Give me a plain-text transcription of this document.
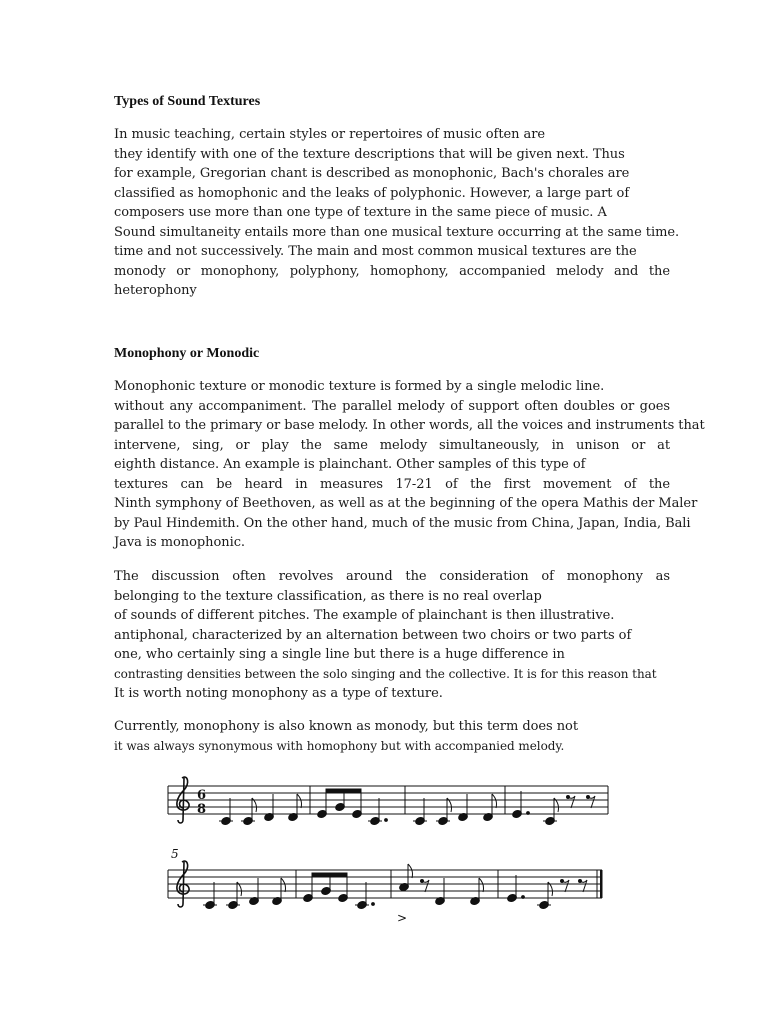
Types of Sound Textures
In music teaching, certain styles or repertoires of music often are
they identify with one of the texture descriptions that will be given next. Thus
for example, Gregorian chant is described as monophonic, Bach's chorales are
classified as homophonic and the leaks of polyphonic. However, a large part of
composers use more than one type of texture in the same piece of music. A
Sound simultaneity entails more than one musical texture occurring at the same time.
time and not successively. The main and most common musical textures are the
monody or monophony, polyphony, homophony, accompanied melody and the
heterophony
Monophony or Monodic
Monophonic texture or monodic texture is formed by a single melodic line.
without any accompaniment. The parallel melody of support often doubles or goes
parallel to the primary or base melody. In other words, all the voices and instruments that
intervene, sing, or play the same melody simultaneously, in unison or at
eighth distance. An example is plainchant. Other samples of this type of
textures can be heard in measures 17-21 of the first movement of the
Ninth symphony of Beethoven, as well as at the beginning of the opera Mathis der Maler
by Paul Hindemith. On the other hand, much of the music from China, Japan, India, Bali
Java is monophonic.
The discussion often revolves around the consideration of monophony as
belonging to the texture classification, as there is no real overlap
of sounds of different pitches. The example of plainchant is then illustrative.
antiphonal, characterized by an alternation between two choirs or two parts of
one, who certainly sing a single line but there is a huge difference in
contrasting densities between the solo singing and the collective. It is for this reason that
It is worth noting monophony as a type of texture.
Currently, monophony is also known as monody, but this term does not
it was always synonymous with homophony but with accompanied melody.
6
8
5
>
